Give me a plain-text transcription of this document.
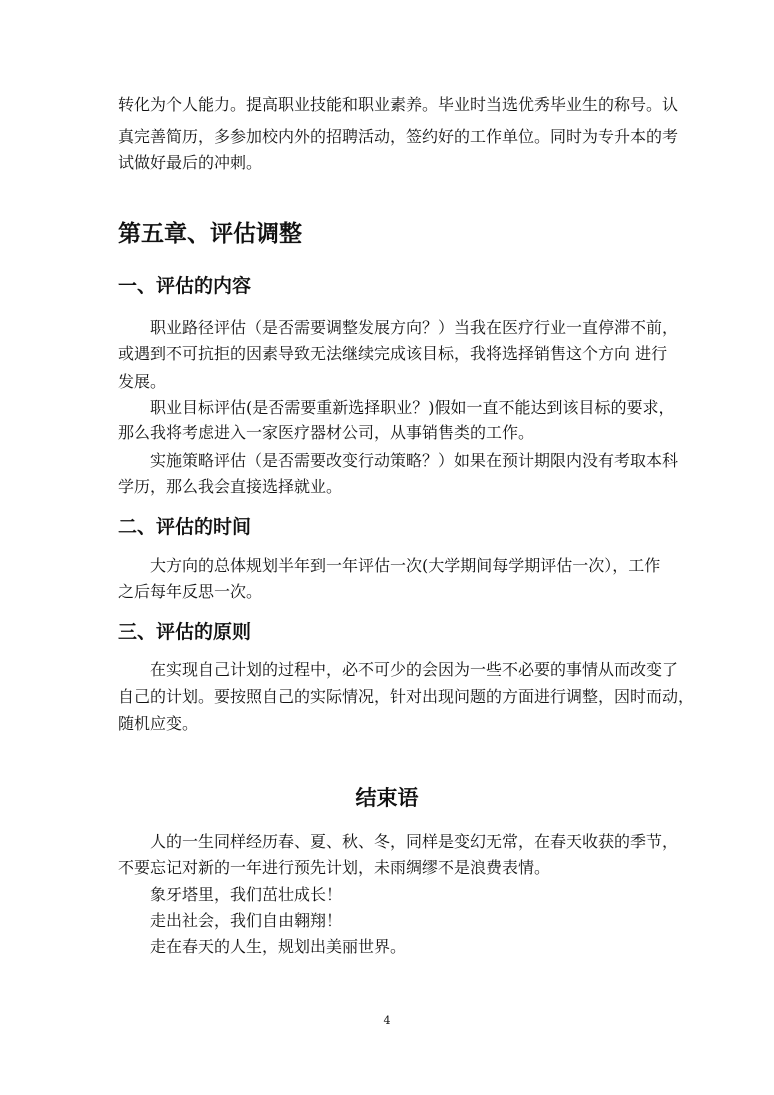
转化为个人能力。提高职业技能和职业素养。毕业时当选优秀毕业生的称号。认

真完善简历，多参加校内外的招聘活动，签约好的工作单位。同时为专升本的考

试做好最后的冲刺。

第五章、评估调整
一、评估的内容

职业路径评估（是否需要调整发展方向？）当我在医疗行业一直停滞不前，

或遇到不可抗拒的因素导致无法继续完成该目标，我将选择销售这个方向 进行

发展。

职业目标评估(是否需要重新选择职业？)假如一直不能达到该目标的要求，

那么我将考虑进入一家医疗器材公司，从事销售类的工作。

实施策略评估（是否需要改变行动策略？）如果在预计期限内没有考取本科

学历，那么我会直接选择就业。

二、评估的时间

大方向的总体规划半年到一年评估一次(大学期间每学期评估一次），工作

之后每年反思一次。

三、评估的原则

在实现自己计划的过程中，必不可少的会因为一些不必要的事情从而改变了

自己的计划。要按照自己的实际情况，针对出现问题的方面进行调整，因时而动，

随机应变。

结束语

人的一生同样经历春、夏、秋、冬，同样是变幻无常，在春天收获的季节，

不要忘记对新的一年进行预先计划，未雨绸缪不是浪费表情。

象牙塔里，我们茁壮成长！

走出社会，我们自由翱翔！

走在春天的人生，规划出美丽世界。

4
